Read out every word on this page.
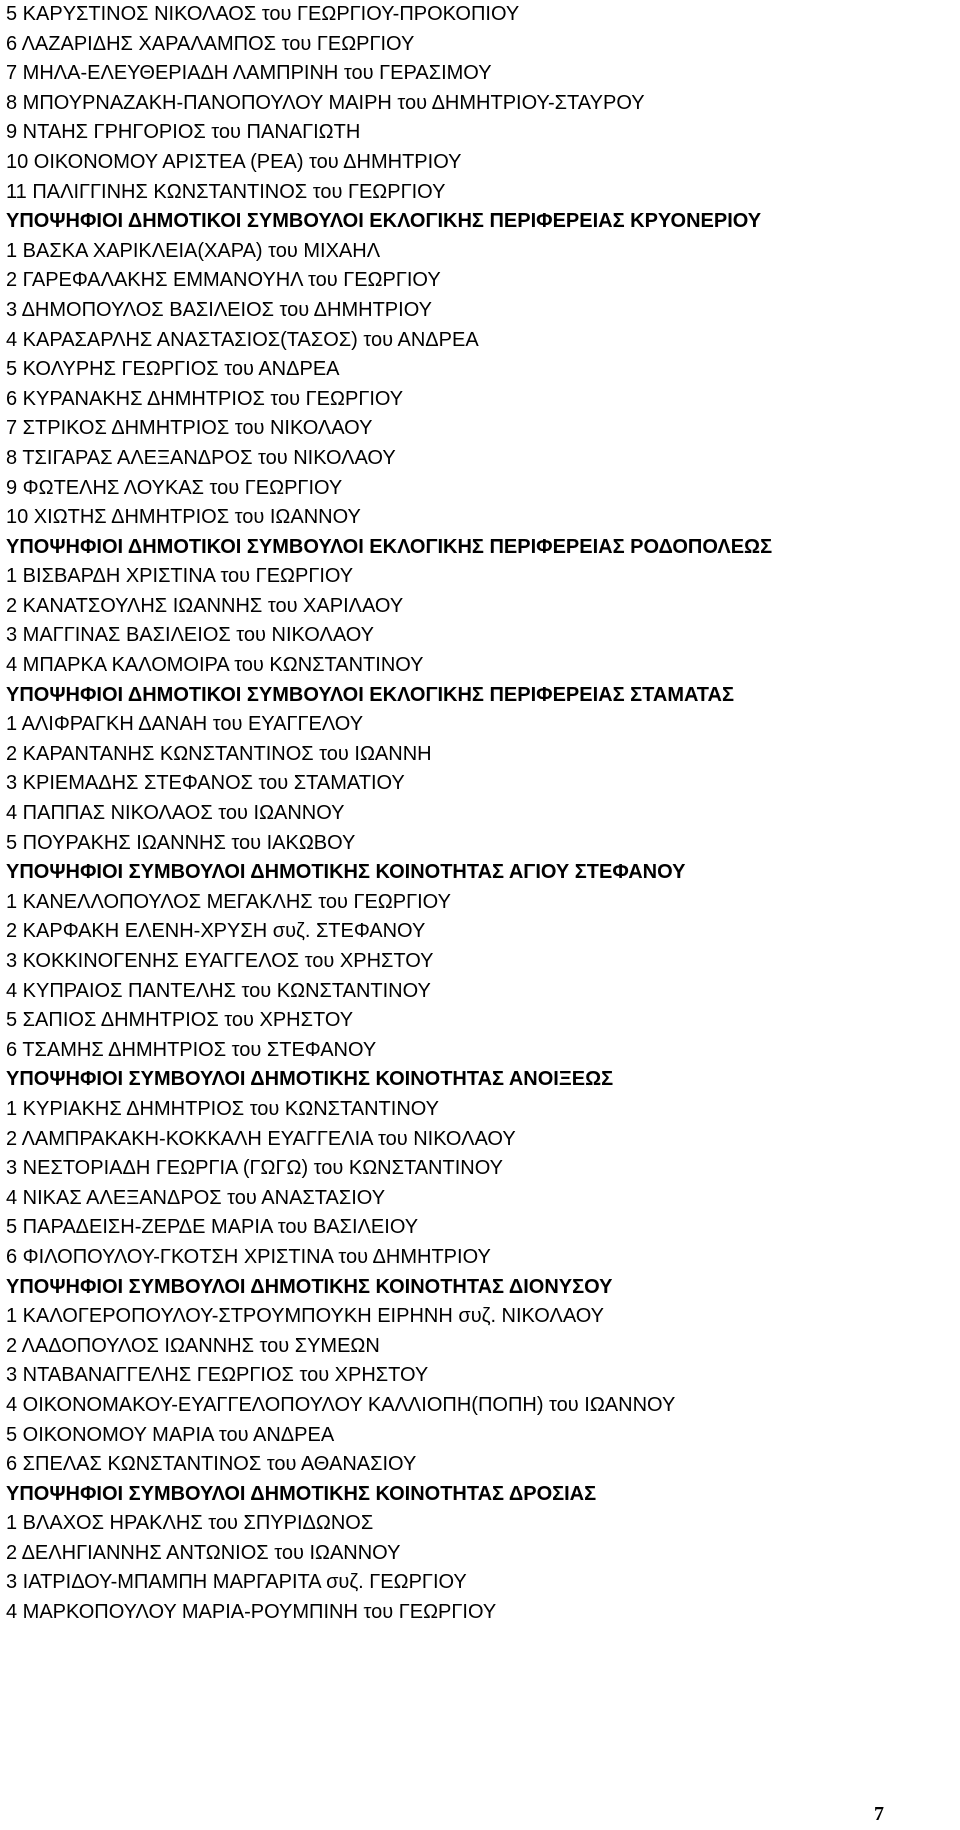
5 ΚΑΡΥΣΤΙΝΟΣ ΝΙΚΟΛΑΟΣ του ΓΕΩΡΓΙΟΥ-ΠΡΟΚΟΠΙΟΥ
6 ΛΑΖΑΡΙΔΗΣ ΧΑΡΑΛΑΜΠΟΣ του ΓΕΩΡΓΙΟΥ
7 ΜΗΛΑ-ΕΛΕΥΘΕΡΙΑΔΗ ΛΑΜΠΡΙΝΗ του ΓΕΡΑΣΙΜΟΥ
8 ΜΠΟΥΡΝΑΖΑΚΗ-ΠΑΝΟΠΟΥΛΟΥ ΜΑΙΡΗ του ΔΗΜΗΤΡΙΟΥ-ΣΤΑΥΡΟΥ
9 ΝΤΑΗΣ ΓΡΗΓΟΡΙΟΣ του ΠΑΝΑΓΙΩΤΗ
10 ΟΙΚΟΝΟΜΟΥ ΑΡΙΣΤΕΑ (ΡΕΑ) του ΔΗΜΗΤΡΙΟΥ
11 ΠΑΛΙΓΓΙΝΗΣ ΚΩΝΣΤΑΝΤΙΝΟΣ του ΓΕΩΡΓΙΟΥ
ΥΠΟΨΗΦΙΟΙ ΔΗΜΟΤΙΚΟΙ ΣΥΜΒΟΥΛΟΙ ΕΚΛΟΓΙΚΗΣ ΠΕΡΙΦΕΡΕΙΑΣ ΚΡΥΟΝΕΡΙΟΥ
1 ΒΑΣΚΑ ΧΑΡΙΚΛΕΙΑ(ΧΑΡΑ) του ΜΙΧΑΗΛ
2 ΓΑΡΕΦΑΛΑΚΗΣ ΕΜΜΑΝΟΥΗΛ του ΓΕΩΡΓΙΟΥ
3 ΔΗΜΟΠΟΥΛΟΣ ΒΑΣΙΛΕΙΟΣ του ΔΗΜΗΤΡΙΟΥ
4 ΚΑΡΑΣΑΡΛΗΣ ΑΝΑΣΤΑΣΙΟΣ(ΤΑΣΟΣ) του ΑΝΔΡΕΑ
5 ΚΟΛΥΡΗΣ ΓΕΩΡΓΙΟΣ του ΑΝΔΡΕΑ
6 ΚΥΡΑΝΑΚΗΣ ΔΗΜΗΤΡΙΟΣ του ΓΕΩΡΓΙΟΥ
7 ΣΤΡΙΚΟΣ ΔΗΜΗΤΡΙΟΣ του ΝΙΚΟΛΑΟΥ
8 ΤΣΙΓΑΡΑΣ ΑΛΕΞΑΝΔΡΟΣ του ΝΙΚΟΛΑΟΥ
9 ΦΩΤΕΛΗΣ ΛΟΥΚΑΣ του ΓΕΩΡΓΙΟΥ
10 ΧΙΩΤΗΣ ΔΗΜΗΤΡΙΟΣ του ΙΩΑΝΝΟΥ
ΥΠΟΨΗΦΙΟΙ ΔΗΜΟΤΙΚΟΙ ΣΥΜΒΟΥΛΟΙ ΕΚΛΟΓΙΚΗΣ ΠΕΡΙΦΕΡΕΙΑΣ ΡΟΔΟΠΟΛΕΩΣ
1 ΒΙΣΒΑΡΔΗ ΧΡΙΣΤΙΝΑ του ΓΕΩΡΓΙΟΥ
2 ΚΑΝΑΤΣΟΥΛΗΣ ΙΩΑΝΝΗΣ του ΧΑΡΙΛΑΟΥ
3 ΜΑΓΓΙΝΑΣ ΒΑΣΙΛΕΙΟΣ του ΝΙΚΟΛΑΟΥ
4 ΜΠΑΡΚΑ ΚΑΛΟΜΟΙΡΑ του ΚΩΝΣΤΑΝΤΙΝΟΥ
ΥΠΟΨΗΦΙΟΙ ΔΗΜΟΤΙΚΟΙ ΣΥΜΒΟΥΛΟΙ ΕΚΛΟΓΙΚΗΣ ΠΕΡΙΦΕΡΕΙΑΣ ΣΤΑΜΑΤΑΣ
1 ΑΛΙΦΡΑΓΚΗ ΔΑΝΑΗ του ΕΥΑΓΓΕΛΟΥ
2 ΚΑΡΑΝΤΑΝΗΣ ΚΩΝΣΤΑΝΤΙΝΟΣ του ΙΩΑΝΝΗ
3 ΚΡΙΕΜΑΔΗΣ ΣΤΕΦΑΝΟΣ του ΣΤΑΜΑΤΙΟΥ
4 ΠΑΠΠΑΣ ΝΙΚΟΛΑΟΣ του ΙΩΑΝΝΟΥ
5 ΠΟΥΡΑΚΗΣ ΙΩΑΝΝΗΣ του ΙΑΚΩΒΟΥ
ΥΠΟΨΗΦΙΟΙ ΣΥΜΒΟΥΛΟΙ ΔΗΜΟΤΙΚΗΣ ΚΟΙΝΟΤΗΤΑΣ ΑΓΙΟΥ ΣΤΕΦΑΝΟΥ
1 ΚΑΝΕΛΛΟΠΟΥΛΟΣ ΜΕΓΑΚΛΗΣ του ΓΕΩΡΓΙΟΥ
2 ΚΑΡΦΑΚΗ ΕΛΕΝΗ-ΧΡΥΣΗ συζ. ΣΤΕΦΑΝΟΥ
3 ΚΟΚΚΙΝΟΓΕΝΗΣ ΕΥΑΓΓΕΛΟΣ του ΧΡΗΣΤΟΥ
4 ΚΥΠΡΑΙΟΣ ΠΑΝΤΕΛΗΣ του ΚΩΝΣΤΑΝΤΙΝΟΥ
5 ΣΑΠΙΟΣ ΔΗΜΗΤΡΙΟΣ του ΧΡΗΣΤΟΥ
6 ΤΣΑΜΗΣ ΔΗΜΗΤΡΙΟΣ του ΣΤΕΦΑΝΟΥ
ΥΠΟΨΗΦΙΟΙ ΣΥΜΒΟΥΛΟΙ ΔΗΜΟΤΙΚΗΣ ΚΟΙΝΟΤΗΤΑΣ ΑΝΟΙΞΕΩΣ
1 ΚΥΡΙΑΚΗΣ ΔΗΜΗΤΡΙΟΣ του ΚΩΝΣΤΑΝΤΙΝΟΥ
2 ΛΑΜΠΡΑΚΑΚΗ-ΚΟΚΚΑΛΗ ΕΥΑΓΓΕΛΙΑ του ΝΙΚΟΛΑΟΥ
3 ΝΕΣΤΟΡΙΑΔΗ ΓΕΩΡΓΙΑ (ΓΩΓΩ) του ΚΩΝΣΤΑΝΤΙΝΟΥ
4 ΝΙΚΑΣ ΑΛΕΞΑΝΔΡΟΣ του ΑΝΑΣΤΑΣΙΟΥ
5 ΠΑΡΑΔΕΙΣΗ-ΖΕΡΔΕ ΜΑΡΙΑ του ΒΑΣΙΛΕΙΟΥ
6 ΦΙΛΟΠΟΥΛΟΥ-ΓΚΟΤΣΗ ΧΡΙΣΤΙΝΑ του ΔΗΜΗΤΡΙΟΥ
ΥΠΟΨΗΦΙΟΙ ΣΥΜΒΟΥΛΟΙ ΔΗΜΟΤΙΚΗΣ ΚΟΙΝΟΤΗΤΑΣ ΔΙΟΝΥΣΟΥ
1 ΚΑΛΟΓΕΡΟΠΟΥΛΟΥ-ΣΤΡΟΥΜΠΟΥΚΗ ΕΙΡΗΝΗ συζ. ΝΙΚΟΛΑΟΥ
2 ΛΑΔΟΠΟΥΛΟΣ ΙΩΑΝΝΗΣ του ΣΥΜΕΩΝ
3 ΝΤΑΒΑΝΑΓΓΕΛΗΣ ΓΕΩΡΓΙΟΣ του ΧΡΗΣΤΟΥ
4 ΟΙΚΟΝΟΜΑΚΟΥ-ΕΥΑΓΓΕΛΟΠΟΥΛΟΥ ΚΑΛΛΙΟΠΗ(ΠΟΠΗ) του ΙΩΑΝΝΟΥ
5 ΟΙΚΟΝΟΜΟΥ ΜΑΡΙΑ του ΑΝΔΡΕΑ
6 ΣΠΕΛΑΣ ΚΩΝΣΤΑΝΤΙΝΟΣ του ΑΘΑΝΑΣΙΟΥ
ΥΠΟΨΗΦΙΟΙ ΣΥΜΒΟΥΛΟΙ ΔΗΜΟΤΙΚΗΣ ΚΟΙΝΟΤΗΤΑΣ ΔΡΟΣΙΑΣ
1 ΒΛΑΧΟΣ ΗΡΑΚΛΗΣ του ΣΠΥΡΙΔΩΝΟΣ
2 ΔΕΛΗΓΙΑΝΝΗΣ ΑΝΤΩΝΙΟΣ του ΙΩΑΝΝΟΥ
3 ΙΑΤΡΙΔΟΥ-ΜΠΑΜΠΗ ΜΑΡΓΑΡΙΤΑ συζ. ΓΕΩΡΓΙΟΥ
4 ΜΑΡΚΟΠΟΥΛΟΥ ΜΑΡΙΑ-ΡΟΥΜΠΙΝΗ του ΓΕΩΡΓΙΟΥ
7
